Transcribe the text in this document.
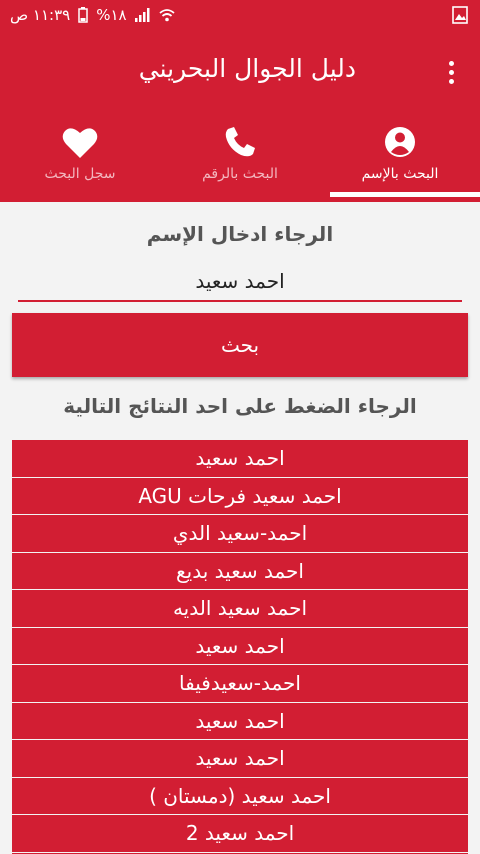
١١:٣٩ ص %١٨
دليل الجوال البحريني
البحث بالإسم
البحث بالرقم
سجل البحث
الرجاء ادخال الإسم
احمد سعيد
بحث
الرجاء الضغط على احد النتائج التالية
احمد سعيد
احمد سعيد فرحات AGU
احمد-سعيد الدي
احمد سعيد بديع
احمد سعيد الديه
احمد سعيد
احمد-سعيدفيفا
احمد سعيد
احمد سعيد
احمد سعيد (دمستان )
احمد سعيد 2
